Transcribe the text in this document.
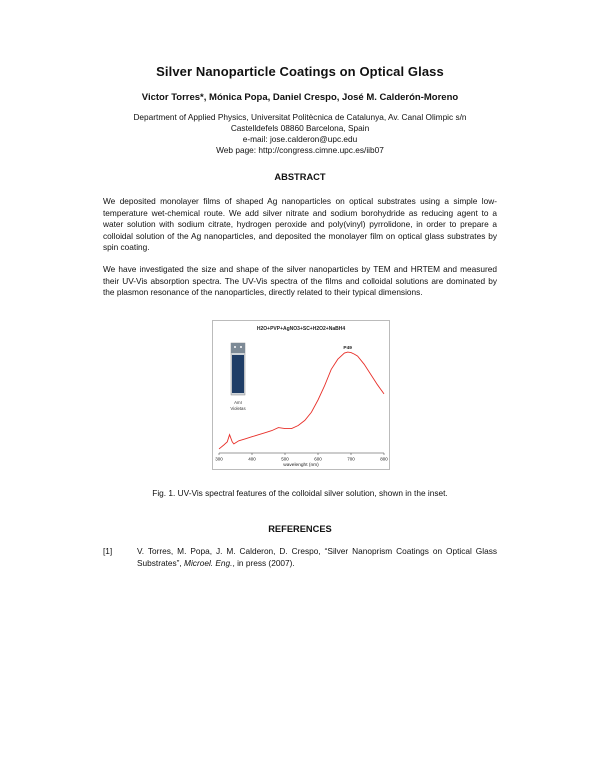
Silver Nanoparticle Coatings on Optical Glass
Victor Torres*, Mónica Popa, Daniel Crespo, José M. Calderón-Moreno
Department of Applied Physics, Universitat Politècnica de Catalunya, Av. Canal Olimpic s/n
Castelldefels 08860 Barcelona, Spain
e-mail: jose.calderon@upc.edu
Web page: http://congress.cimne.upc.es/iib07
ABSTRACT
We deposited monolayer films of shaped Ag nanoparticles on optical substrates using a simple low-temperature wet-chemical route. We add silver nitrate and sodium borohydride as reducing agent to a water solution with sodium citrate, hydrogen peroxide and poly(vinyl) pyrrolidone, in order to prepare a colloidal solution of the Ag nanoparticles, and deposited the monolayer film on optical glass substrates by spin coating.
We have investigated the size and shape of the silver nanoparticles by TEM and HRTEM and measured their UV-Vis absorption spectra. The UV-Vis spectra of the films and colloidal solutions are dominated by the plasmon resonance of the nanoparticles, directly related to their typical dimensions.
H2O+PVP+AgNO3+SC+H2O2+NaBH4
AmI
Violetas
300	400	500	600	700	800
wavelenght (nm)
P49
Fig. 1. UV-Vis spectral features of the colloidal silver solution, shown in the inset.
REFERENCES
[1]	V. Torres, M. Popa, J. M. Calderon, D. Crespo, “Silver Nanoprism Coatings on Optical Glass Substrates”, Microel. Eng., in press (2007).
